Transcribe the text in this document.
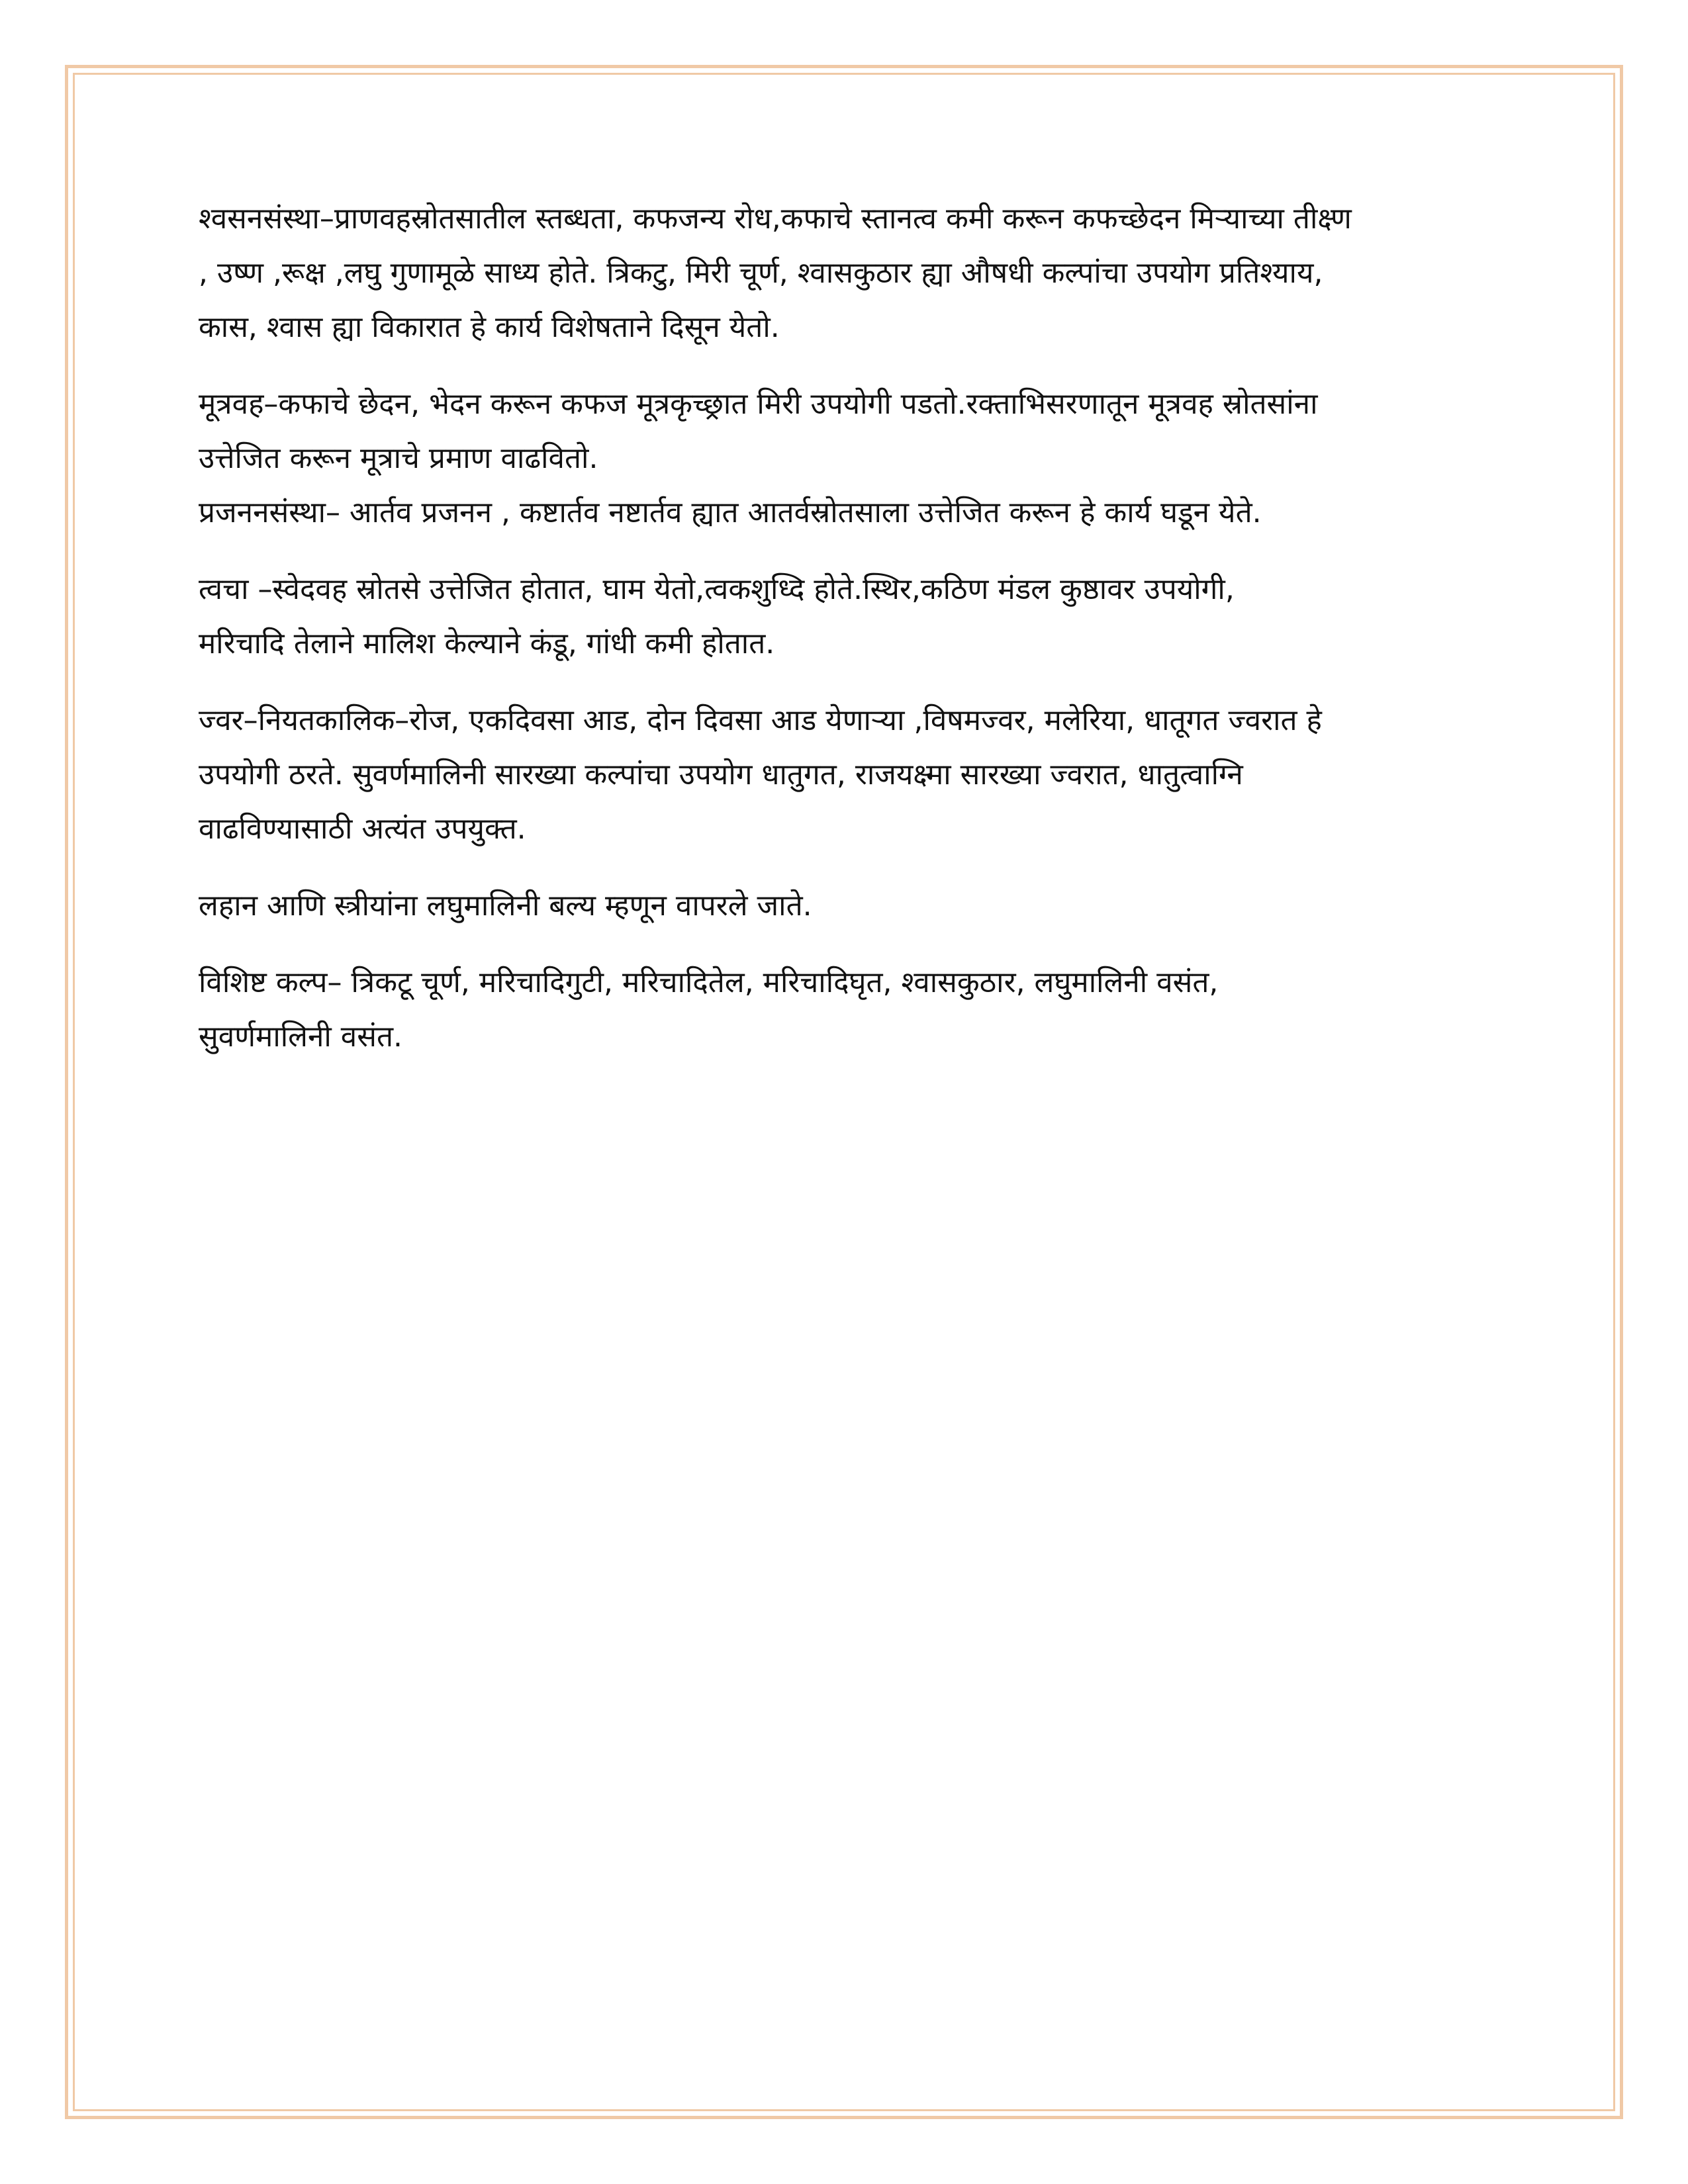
श्वसनसंस्था–प्राणवहस्रोतसातील स्तब्धता, कफजन्य रोध,कफाचे स्तानत्व कमी करून कफच्छेदन मिऱ्याच्या तीक्ष्ण
, उष्ण ,रूक्ष ,लघु गुणामूळे साध्य होते. त्रिकटु, मिरी चूर्ण, श्वासकुठार ह्या औषधी कल्पांचा उपयोग प्रतिश्याय,
कास, श्वास ह्या विकारात हे कार्य विशेषताने दिसून येतो.

मूत्रवह–कफाचे छेदन, भेदन करून कफज मूत्रकृच्छ्रात मिरी उपयोगी पडतो.रक्ताभिसरणातून मूत्रवह स्रोतसांना
उत्तेजित करून मूत्राचे प्रमाण वाढवितो.

प्रजननसंस्था– आर्तव प्रजनन , कष्टार्तव नष्टार्तव ह्यात आतर्वस्रोतसाला उत्तेजित करून हे कार्य घडून येते.

त्वचा –स्वेदवह स्रोतसे उत्तेजित होतात, घाम येतो,त्वकशुध्दि होते.स्थिर,कठिण मंडल कुष्ठावर उपयोगी,
मरिचादि तेलाने मालिश केल्याने कंडू, गांधी कमी होतात.

ज्वर–नियतकालिक–रोज, एकदिवसा आड, दोन दिवसा आड येणाऱ्या ,विषमज्वर, मलेरिया, धातूगत ज्वरात हे
उपयोगी ठरते. सुवर्णमालिनी सारख्या कल्पांचा उपयोग धातुगत, राजयक्ष्मा सारख्या ज्वरात, धातुत्वाग्नि
वाढविण्यासाठी अत्यंत उपयुक्त.

लहान आणि स्त्रीयांना लघुमालिनी बल्य म्हणून वापरले जाते.

विशिष्ट कल्प– त्रिकटू चूर्ण, मरिचादिगुटी, मरिचादितेल, मरिचादिघृत, श्वासकुठार, लघुमालिनी वसंत,
सुवर्णमालिनी वसंत.
